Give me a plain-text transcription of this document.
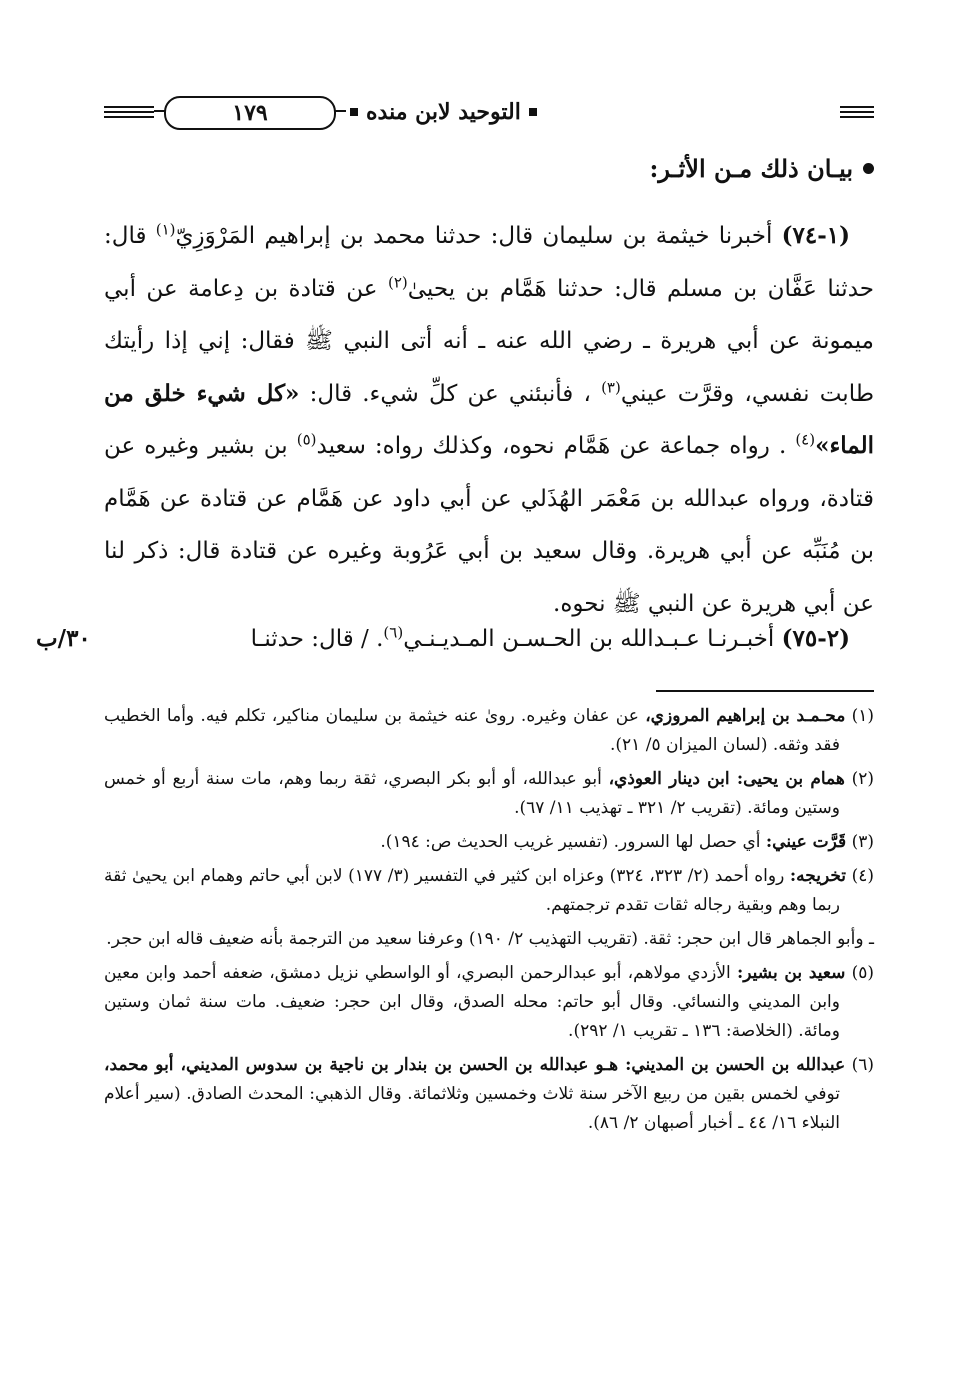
١٧٩	التوحيد لابن منده
بيـان ذلك مـن الأثـر:

(١-٧٤) أخبرنا خيثمة بن سليمان قال: حدثنا محمد بن إبراهيم المَرْوَزِيّ$^{(١)}$ قال: حدثنا عَفَّان بن مسلم قال: حدثنا هَمَّام بن يحيىٰ$^{(٢)}$ عن قتادة بن دِعامة عن أبي ميمونة عن أبي هريرة ـ رضي الله عنه ـ أنه أتى النبي ﷺ فقال: إني إذا رأيتك طابت نفسي، وقرَّت عيني$^{(٣)}$ ، فأنبئني عن كلِّ شيء. قال: «كل شيء خلق من الماء»$^{(٤)}$ . رواه جماعة عن هَمَّام نحوه، وكذلك رواه: سعيد$^{(٥)}$ بن بشير وغيره عن قتادة، ورواه عبدالله بن مَعْمَر الهُذَلي عن أبي داود عن هَمَّام عن قتادة عن هَمَّام بن مُنَبِّه عن أبي هريرة. وقال سعيد بن أبي عَرُوبة وغيره عن قتادة قال: ذكر لنا عن أبي هريرة عن النبي ﷺ نحوه.

(٢-٧٥) أخبـرنـا عـبـدالله بن الحـسـن المـديـنـي$^{(٦)}$. / قال: حدثنـا
٣٠/ب

(١) محـمـد بن إبراهيم المروزي، عن عفان وغيره. روىٰ عنه خيثمة بن سليمان مناكير، تكلم فيه. وأما الخطيب فقد وثقه. (لسان الميزان ٥/ ٢١).

(٢) همام بن يحيى: ابن دينار العوذي، أبو عبدالله، أو أبو بكر البصري، ثقة ربما وهم، مات سنة أربع أو خمس وستين ومائة. (تقريب ٢/ ٣٢١ ـ تهذيب ١١/ ٦٧).

(٣) قَرَّت عيني: أي حصل لها السرور. (تفسير غريب الحديث ص: ١٩٤).

(٤) تخريجه: رواه أحمد (٢/ ٣٢٣، ٣٢٤) وعزاه ابن كثير في التفسير (٣/ ١٧٧) لابن أبي حاتم وهمام ابن يحيىٰ ثقة ربما وهم وبقية رجاله ثقات تقدم ترجمتهم.

ـ وأبو الجماهر قال ابن حجر: ثقة. (تقريب التهذيب ٢/ ١٩٠) وعرفنا سعيد من الترجمة بأنه ضعيف قاله ابن حجر.

(٥) سعيد بن بشير: الأزدي مولاهم، أبو عبدالرحمن البصري، أو الواسطي نزيل دمشق، ضعفه أحمد وابن معين وابن المديني والنسائي. وقال أبو حاتم: محله الصدق، وقال ابن حجر: ضعيف. مات سنة ثمان وستين ومائة. (الخلاصة: ١٣٦ ـ تقريب ١/ ٢٩٢).

(٦) عبدالله بن الحسن بن المديني: هـو عبدالله بن الحسن بن بندار بن ناجية بن سدوس المديني، أبو محمد، توفي لخمس بقين من ربيع الآخر سنة ثلاث وخمسين وثلاثمائة. وقال الذهبي: المحدث الصادق. (سير أعلام النبلاء ١٦/ ٤٤ ـ أخبار أصبهان ٢/ ٨٦).
